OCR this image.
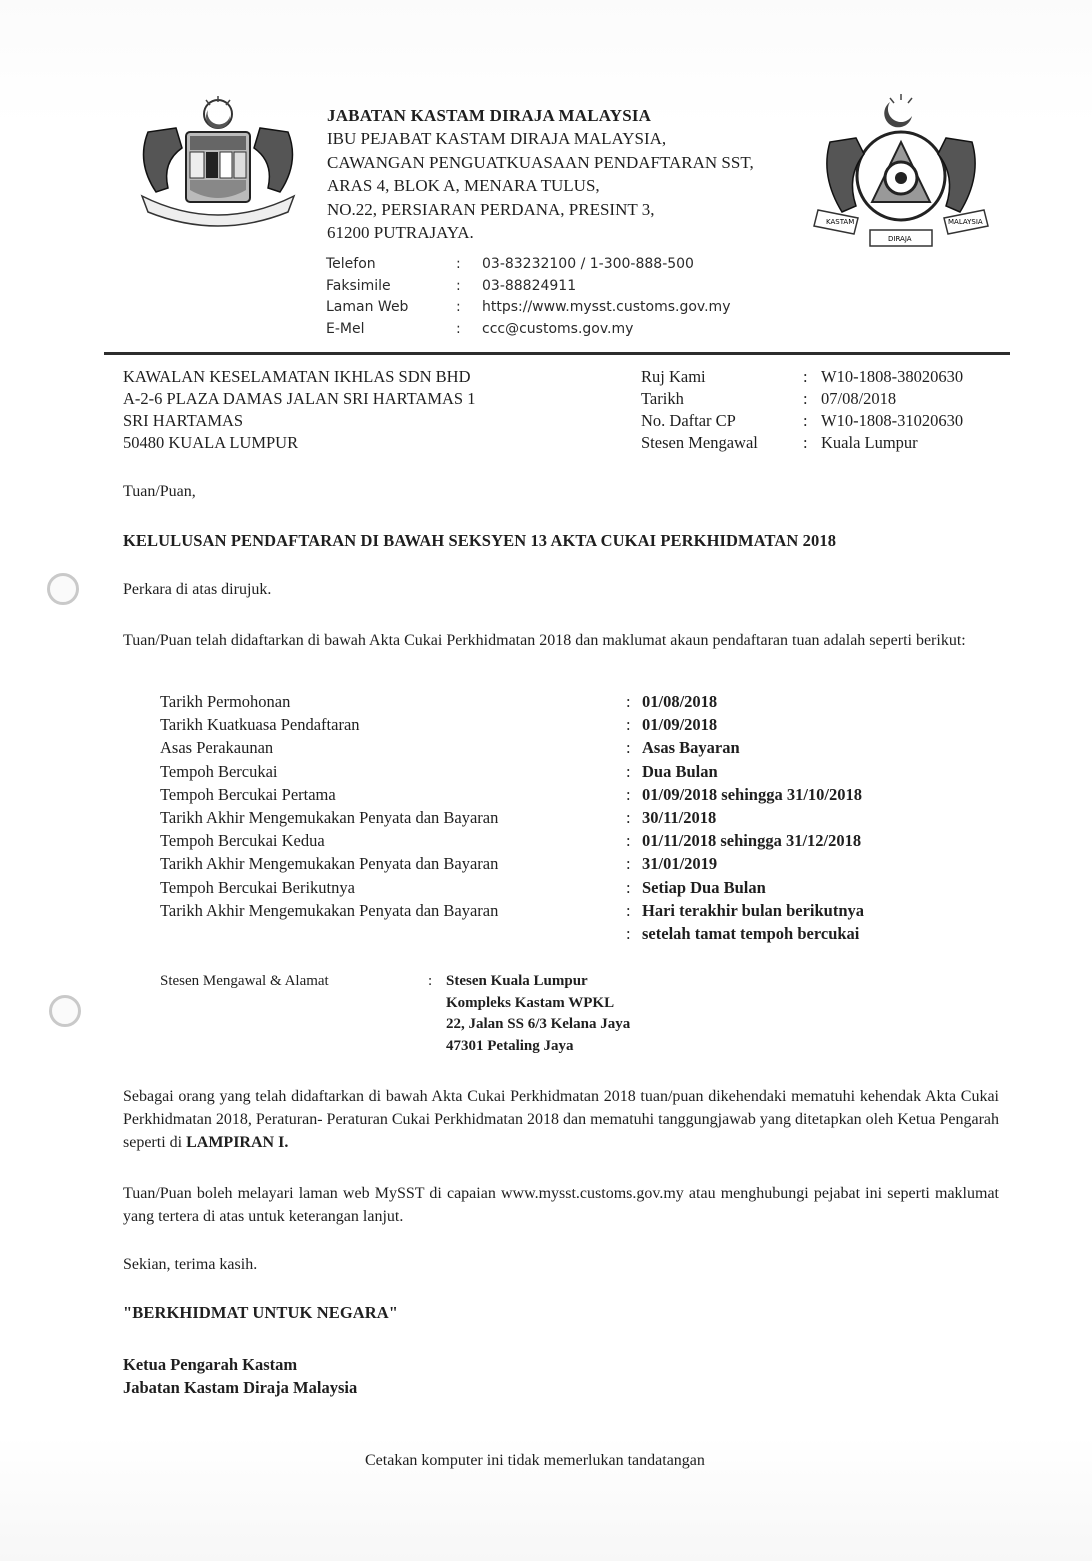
JABATAN KASTAM DIRAJA MALAYSIA
IBU PEJABAT KASTAM DIRAJA MALAYSIA,
CAWANGAN PENGUATKUASAAN PENDAFTARAN SST,
ARAS 4, BLOK A, MENARA TULUS,
NO.22, PERSIARAN PERDANA, PRESINT 3,
61200 PUTRAJAYA.
Telefon	:	03-83232100 / 1-300-888-500
Faksimile	:	03-88824911
Laman Web	:	https://www.mysst.customs.gov.my
E-Mel	:	ccc@customs.gov.my
KASTAM	MALAYSIA
DIRAJA
KAWALAN KESELAMATAN IKHLAS SDN BHD
A-2-6 PLAZA DAMAS JALAN SRI HARTAMAS 1
SRI HARTAMAS
50480 KUALA LUMPUR
Ruj Kami	: W10-1808-38020630
Tarikh	: 07/08/2018
No. Daftar CP	: W10-1808-31020630
Stesen Mengawal	: Kuala Lumpur
Tuan/Puan,
KELULUSAN PENDAFTARAN DI BAWAH SEKSYEN 13 AKTA CUKAI PERKHIDMATAN 2018
Perkara di atas dirujuk.
Tuan/Puan telah didaftarkan di bawah Akta Cukai Perkhidmatan 2018 dan maklumat akaun pendaftaran tuan adalah seperti berikut:
Tarikh Permohonan	: 01/08/2018
Tarikh Kuatkuasa Pendaftaran	: 01/09/2018
Asas Perakaunan	: Asas Bayaran
Tempoh Bercukai	: Dua Bulan
Tempoh Bercukai Pertama	: 01/09/2018 sehingga 31/10/2018
Tarikh Akhir Mengemukakan Penyata dan Bayaran	: 30/11/2018
Tempoh Bercukai Kedua	: 01/11/2018 sehingga 31/12/2018
Tarikh Akhir Mengemukakan Penyata dan Bayaran	: 31/01/2019
Tempoh Bercukai Berikutnya	: Setiap Dua Bulan
Tarikh Akhir Mengemukakan Penyata dan Bayaran	: Hari terakhir bulan berikutnya
: setelah tamat tempoh bercukai
Stesen Mengawal & Alamat	: Stesen Kuala Lumpur
Kompleks Kastam WPKL
22, Jalan SS 6/3 Kelana Jaya
47301 Petaling Jaya
Sebagai orang yang telah didaftarkan di bawah Akta Cukai Perkhidmatan 2018 tuan/puan dikehendaki mematuhi kehendak Akta Cukai Perkhidmatan 2018, Peraturan- Peraturan Cukai Perkhidmatan 2018 dan mematuhi tanggungjawab yang ditetapkan oleh Ketua Pengarah seperti di LAMPIRAN I.
Tuan/Puan boleh melayari laman web MySST di capaian www.mysst.customs.gov.my atau menghubungi pejabat ini seperti maklumat yang tertera di atas untuk keterangan lanjut.
Sekian, terima kasih.
"BERKHIDMAT UNTUK NEGARA"
Ketua Pengarah Kastam
Jabatan Kastam Diraja Malaysia
Cetakan komputer ini tidak memerlukan tandatangan
